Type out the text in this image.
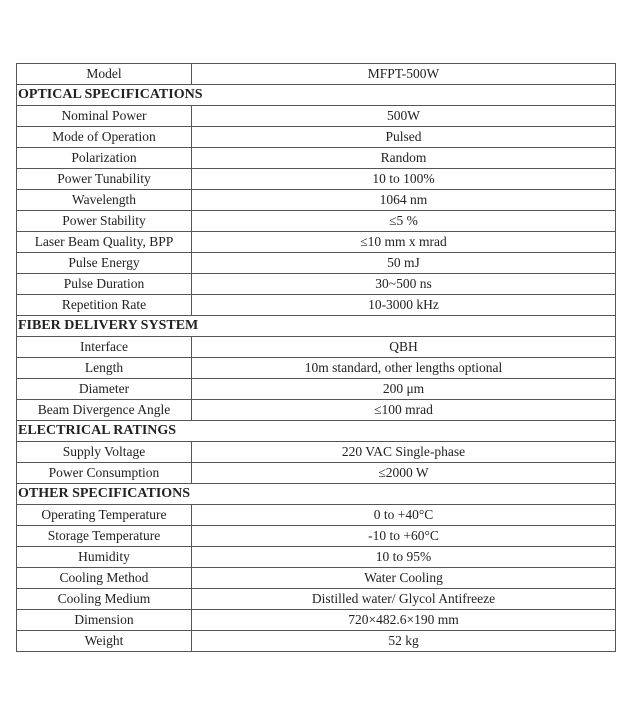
Model	MFPT-500W
OPTICAL SPECIFICATIONS	
Nominal Power	500W
Mode of Operation	Pulsed
Polarization	Random
Power Tunability	10 to 100%
Wavelength	1064 nm
Power Stability	≤5 %
Laser Beam Quality, BPP	≤10 mm x mrad
Pulse Energy	50 mJ
Pulse Duration	30~500 ns
Repetition Rate	10-3000 kHz
FIBER DELIVERY SYSTEM	
Interface	QBH
Length	10m standard, other lengths optional
Diameter	200 μm
Beam Divergence Angle	≤100 mrad
ELECTRICAL RATINGS	
Supply Voltage	220 VAC Single-phase
Power Consumption	≤2000 W
OTHER SPECIFICATIONS	
Operating Temperature	0 to +40°C
Storage Temperature	-10 to +60°C
Humidity	10 to 95%
Cooling Method	Water Cooling
Cooling Medium	Distilled water/ Glycol Antifreeze
Dimension	720×482.6×190 mm
Weight	52 kg
